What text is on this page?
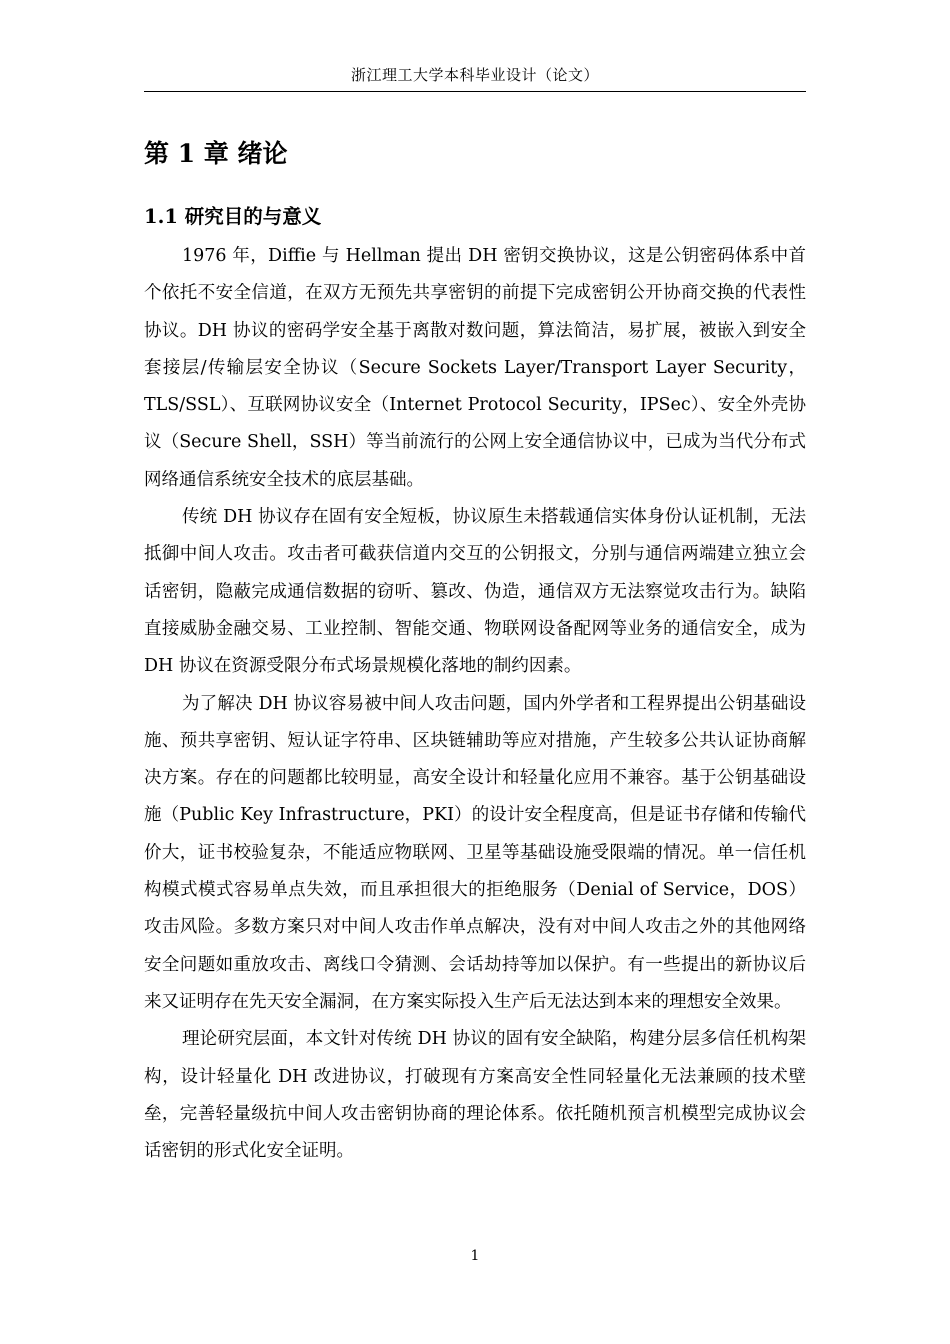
浙江理工大学本科毕业设计（论文）
第 1 章 绪论
1.1 研究目的与意义

1976 年，Diffie 与 Hellman 提出 DH 密钥交换协议，这是公钥密码体系中首个依托不安全信道，在双方无预先共享密钥的前提下完成密钥公开协商交换的代表性协议。DH 协议的密码学安全基于离散对数问题，算法简洁，易扩展，被嵌入到安全套接层/传输层安全协议（Secure Sockets Layer/Transport Layer Security，TLS/SSL）、互联网协议安全（Internet Protocol Security，IPSec）、安全外壳协议（Secure Shell，SSH）等当前流行的公网上安全通信协议中，已成为当代分布式网络通信系统安全技术的底层基础。

传统 DH 协议存在固有安全短板，协议原生未搭载通信实体身份认证机制，无法抵御中间人攻击。攻击者可截获信道内交互的公钥报文，分别与通信两端建立独立会话密钥，隐蔽完成通信数据的窃听、篡改、伪造，通信双方无法察觉攻击行为。缺陷直接威胁金融交易、工业控制、智能交通、物联网设备配网等业务的通信安全，成为 DH 协议在资源受限分布式场景规模化落地的制约因素。

为了解决 DH 协议容易被中间人攻击问题，国内外学者和工程界提出公钥基础设施、预共享密钥、短认证字符串、区块链辅助等应对措施，产生较多公共认证协商解决方案。存在的问题都比较明显，高安全设计和轻量化应用不兼容。基于公钥基础设施（Public Key Infrastructure，PKI）的设计安全程度高，但是证书存储和传输代价大，证书校验复杂，不能适应物联网、卫星等基础设施受限端的情况。单一信任机构模式模式容易单点失效，而且承担很大的拒绝服务（Denial of Service，DOS）攻击风险。多数方案只对中间人攻击作单点解决，没有对中间人攻击之外的其他网络安全问题如重放攻击、离线口令猜测、会话劫持等加以保护。有一些提出的新协议后来又证明存在先天安全漏洞，在方案实际投入生产后无法达到本来的理想安全效果。

理论研究层面，本文针对传统 DH 协议的固有安全缺陷，构建分层多信任机构架构，设计轻量化 DH 改进协议，打破现有方案高安全性同轻量化无法兼顾的技术壁垒，完善轻量级抗中间人攻击密钥协商的理论体系。依托随机预言机模型完成协议会话密钥的形式化安全证明。

1
